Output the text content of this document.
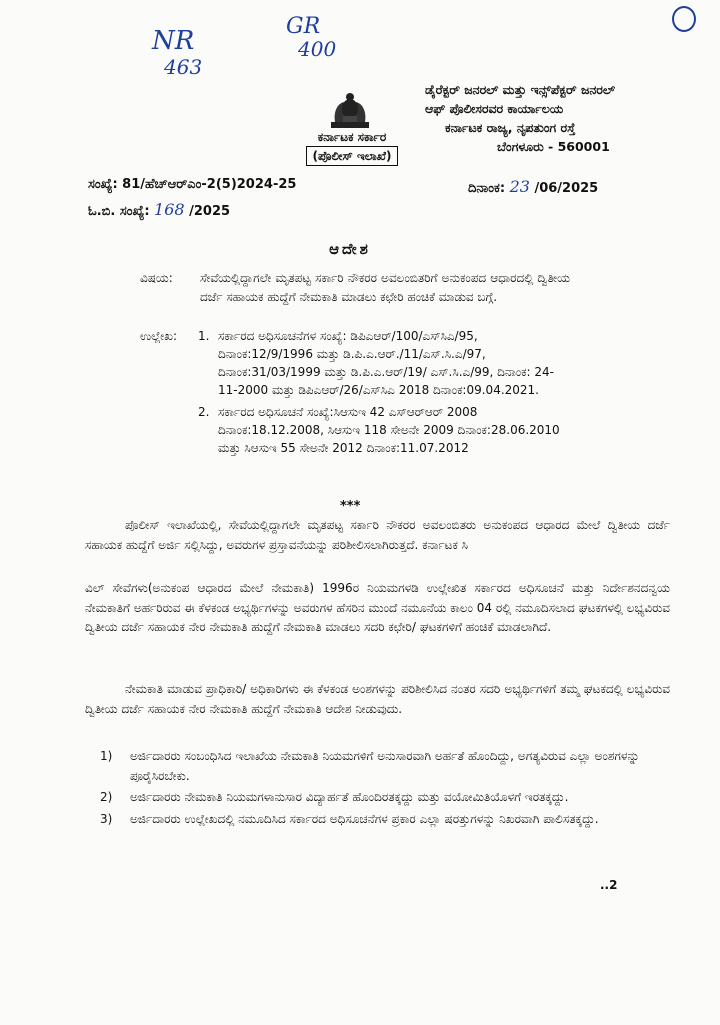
NR
463
GR
400
ಕರ್ನಾಟಕ ಸರ್ಕಾರ
(ಪೊಲೀಸ್ ಇಲಾಖೆ)
ಡೈರೆಕ್ಟರ್ ಜನರಲ್ ಮತ್ತು ಇನ್ಸ್‌ಪೆಕ್ಟರ್ ಜನರಲ್
ಆಫ್ ಪೊಲೀಸರವರ ಕಾರ್ಯಾಲಯ
ಕರ್ನಾಟಕ ರಾಜ್ಯ, ನೃಪತುಂಗ ರಸ್ತೆ
ಬೆಂಗಳೂರು - 560001
ಸಂಖ್ಯೆ: 81/ಹೆಚ್‌ಆರ್‌ಎಂ-2(5)2024-25
ಓ.ಬಿ. ಸಂಖ್ಯೆ: 168 /2025
ದಿನಾಂಕ: 23 /06/2025
ಆದೇಶ
ವಿಷಯ: ಸೇವೆಯಲ್ಲಿದ್ದಾಗಲೇ ಮೃತಪಟ್ಟ ಸರ್ಕಾರಿ ನೌಕರರ ಅವಲಂಬಿತರಿಗೆ ಅನುಕಂಪದ ಆಧಾರದಲ್ಲಿ ದ್ವಿತೀಯ ದರ್ಜೆ ಸಹಾಯಕ ಹುದ್ದೆಗೆ ನೇಮಕಾತಿ ಮಾಡಲು ಕಛೇರಿ ಹಂಚಿಕೆ ಮಾಡುವ ಬಗ್ಗೆ.
ಉಲ್ಲೇಖ: 1. ಸರ್ಕಾರದ ಅಧಿಸೂಚನೆಗಳ ಸಂಖ್ಯೆ: ಡಿಪಿಎಆರ್/100/ಎಸ್‌ಸಿಎ/95, ದಿನಾಂಕ:12/9/1996 ಮತ್ತು ಡಿ.ಪಿ.ಎ.ಆರ್./11/ಎಸ್.ಸಿ.ಎ/97, ದಿನಾಂಕ:31/03/1999 ಮತ್ತು ಡಿ.ಪಿ.ಎ.ಆರ್/19/ ಎಸ್.ಸಿ.ಎ/99, ದಿನಾಂಕ: 24-11-2000 ಮತ್ತು ಡಿಪಿಎಆರ್/26/ಎಸ್‌ಸಿಎ 2018 ದಿನಾಂಕ:09.04.2021.
2. ಸರ್ಕಾರದ ಅಧಿಸೂಚನೆ ಸಂಖ್ಯೆ:ಸಿಆಸುಇ 42 ಎಸ್‌ಆರ್‌ಆರ್ 2008 ದಿನಾಂಕ:18.12.2008, ಸಿಆಸುಇ 118 ಸೇಅನೇ 2009 ದಿನಾಂಕ:28.06.2010 ಮತ್ತು ಸಿಆಸುಇ 55 ಸೇಅನೇ 2012 ದಿನಾಂಕ:11.07.2012
***
ಪೊಲೀಸ್ ಇಲಾಖೆಯಲ್ಲಿ, ಸೇವೆಯಲ್ಲಿದ್ದಾಗಲೇ ಮೃತಪಟ್ಟ ಸರ್ಕಾರಿ ನೌಕರರ ಅವಲಂಬಿತರು ಅನುಕಂಪದ ಆಧಾರದ ಮೇಲೆ ದ್ವಿತೀಯ ದರ್ಜೆ ಸಹಾಯಕ ಹುದ್ದೆಗೆ ಅರ್ಜಿ ಸಲ್ಲಿಸಿದ್ದು, ಅವರುಗಳ ಪ್ರಸ್ತಾವನೆಯನ್ನು ಪರಿಶೀಲಿಸಲಾಗಿರುತ್ತದೆ. ಕರ್ನಾಟಕ ಸಿ
ವಿಲ್ ಸೇವೆಗಳು(ಅನುಕಂಪ ಆಧಾರದ ಮೇಲೆ ನೇಮಕಾತಿ) 1996ರ ನಿಯಮಗಳಡಿ ಉಲ್ಲೇಖಿತ ಸರ್ಕಾರದ ಅಧಿಸೂಚನೆ ಮತ್ತು ನಿರ್ದೇಶನದನ್ವಯ ನೇಮಕಾತಿಗೆ ಅರ್ಹರಿರುವ ಈ ಕೆಳಕಂಡ ಅಭ್ಯರ್ಥಿಗಳನ್ನು ಅವರುಗಳ ಹೆಸರಿನ ಮುಂದೆ ನಮೂನೆಯ ಕಾಲಂ 04 ರಲ್ಲಿ ನಮೂದಿಸಲಾದ ಘಟಕಗಳಲ್ಲಿ ಲಭ್ಯವಿರುವ ದ್ವಿತೀಯ ದರ್ಜೆ ಸಹಾಯಕ ನೇರ ನೇಮಕಾತಿ ಹುದ್ದೆಗೆ ನೇಮಕಾತಿ ಮಾಡಲು ಸದರಿ ಕಛೇರಿ/ ಘಟಕಗಳಿಗೆ ಹಂಚಿಕೆ ಮಾಡಲಾಗಿದೆ.
ನೇಮಕಾತಿ ಮಾಡುವ ಪ್ರಾಧಿಕಾರಿ/ ಅಧಿಕಾರಿಗಳು ಈ ಕೆಳಕಂಡ ಅಂಶಗಳನ್ನು ಪರಿಶೀಲಿಸಿದ ನಂತರ ಸದರಿ ಅಭ್ಯರ್ಥಿಗಳಿಗೆ ತಮ್ಮ ಘಟಕದಲ್ಲಿ ಲಭ್ಯವಿರುವ ದ್ವಿತೀಯ ದರ್ಜೆ ಸಹಾಯಕ ನೇರ ನೇಮಕಾತಿ ಹುದ್ದೆಗೆ ನೇಮಕಾತಿ ಆದೇಶ ನೀಡುವುದು.
1)	ಅರ್ಜಿದಾರರು ಸಂಬಂಧಿಸಿದ ಇಲಾಖೆಯ ನೇಮಕಾತಿ ನಿಯಮಗಳಿಗೆ ಅನುಸಾರವಾಗಿ ಅರ್ಹತೆ ಹೊಂದಿದ್ದು, ಅಗತ್ಯವಿರುವ ಎಲ್ಲಾ ಅಂಶಗಳನ್ನು ಪೂರೈಸಿರಬೇಕು.
2)	ಅರ್ಜಿದಾರರು ನೇಮಕಾತಿ ನಿಯಮಗಳಾನುಸಾರ ವಿದ್ಯಾರ್ಹತೆ ಹೊಂದಿರತಕ್ಕದ್ದು ಮತ್ತು ವಯೋಮಿತಿಯೊಳಗೆ ಇರತಕ್ಕದ್ದು.
3)	ಅರ್ಜಿದಾರರು ಉಲ್ಲೇಖದಲ್ಲಿ ನಮೂದಿಸಿದ ಸರ್ಕಾರದ ಅಧಿಸೂಚನೆಗಳ ಪ್ರಕಾರ ಎಲ್ಲಾ ಷರತ್ತುಗಳನ್ನು ನಿಖರವಾಗಿ ಪಾಲಿಸತಕ್ಕದ್ದು.
..2
